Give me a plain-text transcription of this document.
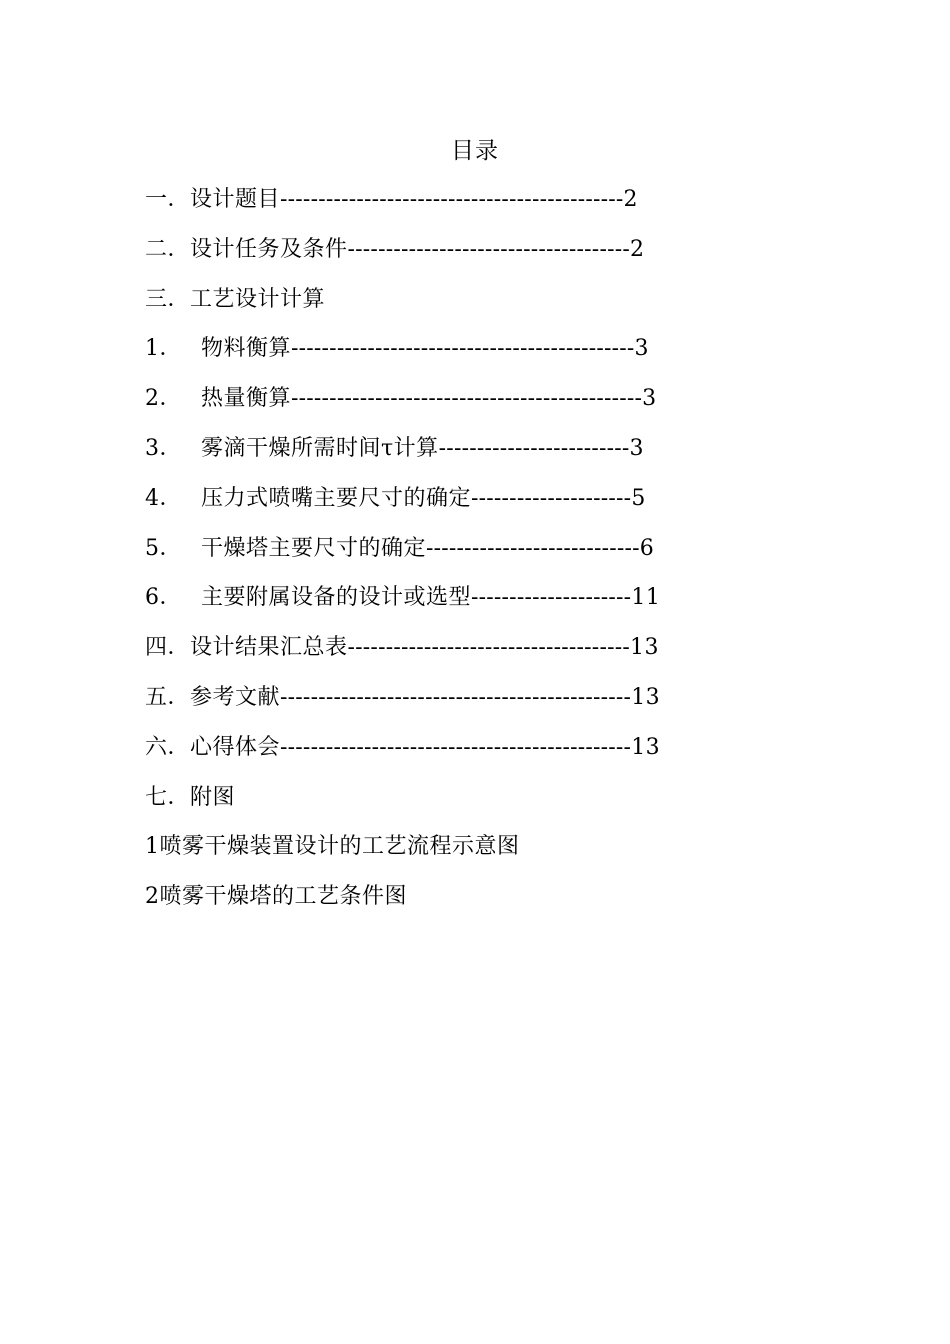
目录
一．设计题目---------------------------------------------2
二．设计任务及条件-------------------------------------2
三．工艺设计计算
1． 物料衡算---------------------------------------------3
2． 热量衡算----------------------------------------------3
3． 雾滴干燥所需时间τ计算-------------------------3
4． 压力式喷嘴主要尺寸的确定---------------------5
5． 干燥塔主要尺寸的确定----------------------------6
6． 主要附属设备的设计或选型---------------------11
四．设计结果汇总表-------------------------------------13
五．参考文献----------------------------------------------13
六．心得体会----------------------------------------------13
七．附图
1喷雾干燥装置设计的工艺流程示意图
2喷雾干燥塔的工艺条件图
